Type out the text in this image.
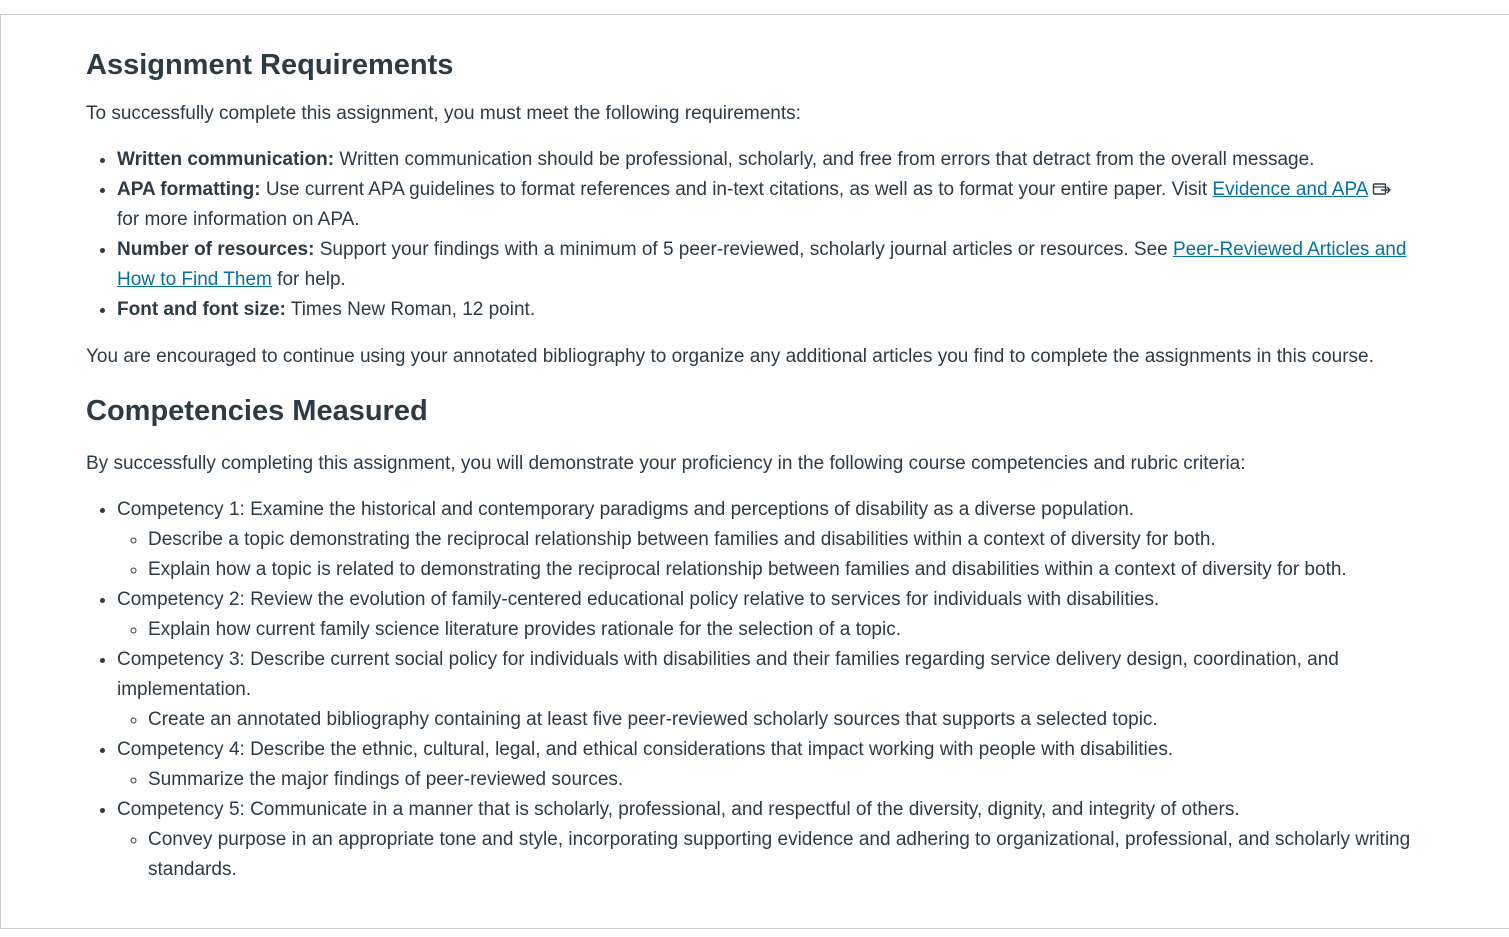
Assignment Requirements

To successfully complete this assignment, you must meet the following requirements:

• Written communication: Written communication should be professional, scholarly, and free from errors that detract from the overall message.
• APA formatting: Use current APA guidelines to format references and in-text citations, as well as to format your entire paper. Visit Evidence and APA for more information on APA.
• Number of resources: Support your findings with a minimum of 5 peer-reviewed, scholarly journal articles or resources. See Peer-Reviewed Articles and How to Find Them for help.
• Font and font size: Times New Roman, 12 point.

You are encouraged to continue using your annotated bibliography to organize any additional articles you find to complete the assignments in this course.

Competencies Measured

By successfully completing this assignment, you will demonstrate your proficiency in the following course competencies and rubric criteria:

• Competency 1: Examine the historical and contemporary paradigms and perceptions of disability as a diverse population.
◦ Describe a topic demonstrating the reciprocal relationship between families and disabilities within a context of diversity for both.
◦ Explain how a topic is related to demonstrating the reciprocal relationship between families and disabilities within a context of diversity for both.
• Competency 2: Review the evolution of family-centered educational policy relative to services for individuals with disabilities.
◦ Explain how current family science literature provides rationale for the selection of a topic.
• Competency 3: Describe current social policy for individuals with disabilities and their families regarding service delivery design, coordination, and implementation.
◦ Create an annotated bibliography containing at least five peer-reviewed scholarly sources that supports a selected topic.
• Competency 4: Describe the ethnic, cultural, legal, and ethical considerations that impact working with people with disabilities.
◦ Summarize the major findings of peer-reviewed sources.
• Competency 5: Communicate in a manner that is scholarly, professional, and respectful of the diversity, dignity, and integrity of others.
◦ Convey purpose in an appropriate tone and style, incorporating supporting evidence and adhering to organizational, professional, and scholarly writing standards.
